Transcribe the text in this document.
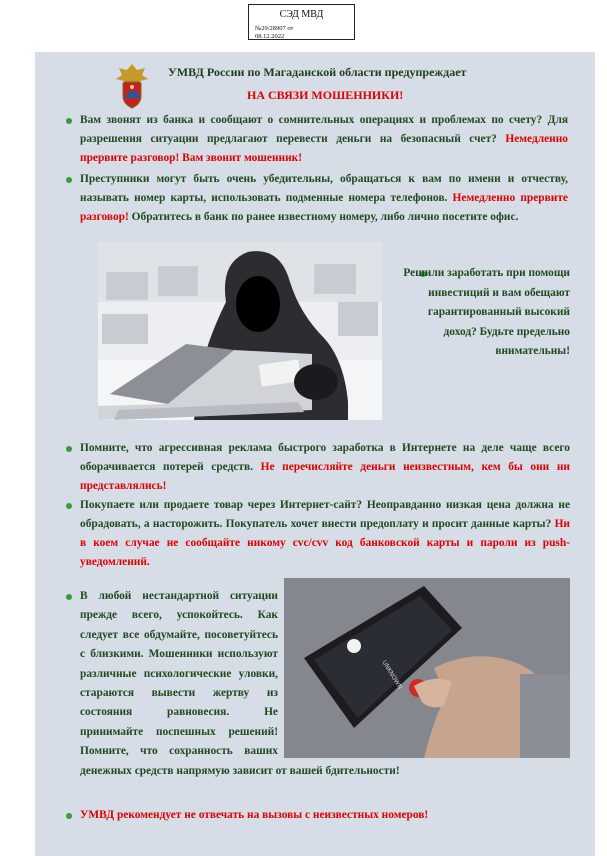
СЭД МВД
№29/28907 от
08.12.2022
УМВД России по Магаданской области предупреждает
НА СВЯЗИ МОШЕННИКИ!
Вам звонят из банка и сообщают о сомнительных операциях и проблемах по счету? Для разрешения ситуации предлагают перевести деньги на безопасный счет? Немедленно прервите разговор! Вам звонит мошенник!
Преступники могут быть очень убедительны, обращаться к вам по имени и отчеству, называть номер карты, использовать подменные номера телефонов. Немедленно прервите разговор! Обратитесь в банк по ранее известному номеру, либо лично посетите офис.
Решили заработать при помощи инвестиций и вам обещают гарантированный высокий доход? Будьте предельно внимательны!
Помните, что агрессивная реклама быстрого заработка в Интернете на деле чаще всего оборачивается потерей средств. Не перечисляйте деньги неизвестным, кем бы они ни представлялись!
Покупаете или продаете товар через Интернет-сайт? Неоправданно низкая цена должна не обрадовать, а насторожить. Покупатель хочет внести предоплату и просит данные карты? Ни в коем случае не сообщайте никому cvc/cvv код банковской карты и пароли из push-уведомлений.
UNKNOWN
В любой нестандартной ситуации прежде всего, успокойтесь. Как следует все обдумайте, посоветуйтесь с близкими. Мошенники используют различные психологические уловки, стараются вывести жертву из состояния равновесия. Не принимайте поспешных решений! Помните, что сохранность ваших денежных средств напрямую зависит от вашей бдительности!
УМВД рекомендует не отвечать на вызовы с неизвестных номеров!
